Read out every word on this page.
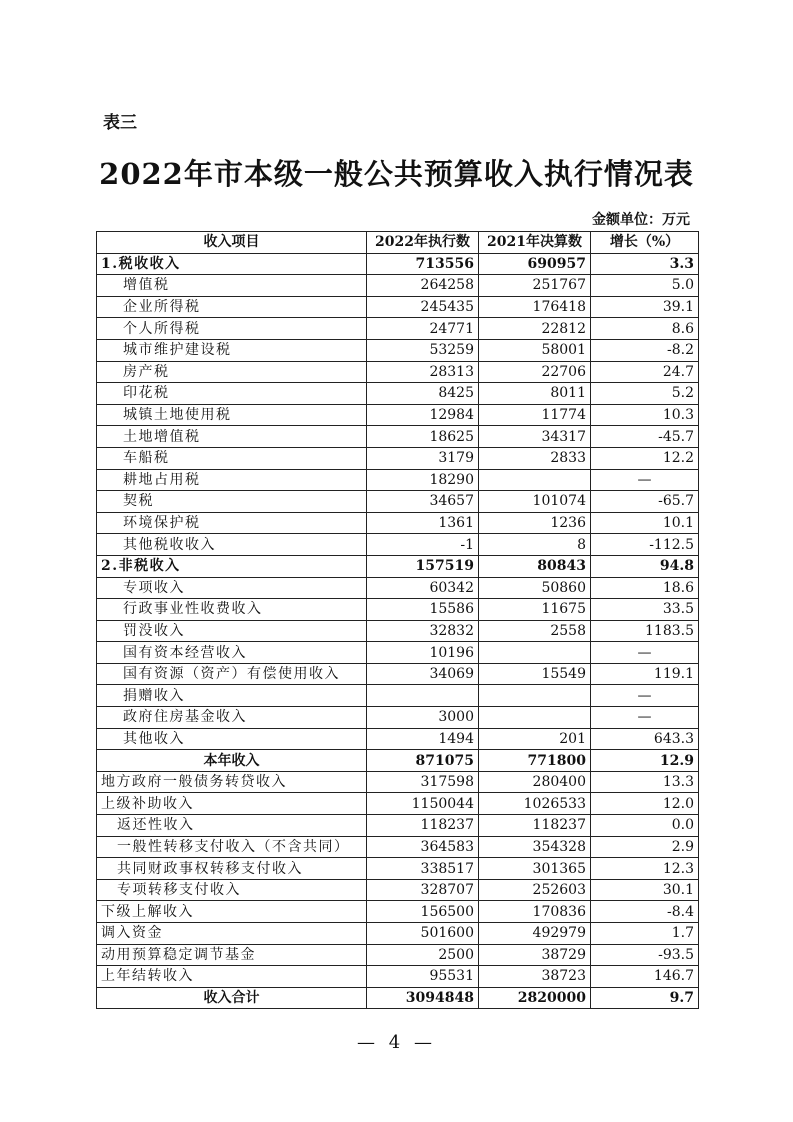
表三
2022年市本级一般公共预算收入执行情况表
金额单位：万元
收入项目	2022年执行数	2021年决算数	增长（%）
1.税收收入	713556	690957	3.3
增值税	264258	251767	5.0
企业所得税	245435	176418	39.1
个人所得税	24771	22812	8.6
城市维护建设税	53259	58001	-8.2
房产税	28313	22706	24.7
印花税	8425	8011	5.2
城镇土地使用税	12984	11774	10.3
土地增值税	18625	34317	-45.7
车船税	3179	2833	12.2
耕地占用税	18290		—
契税	34657	101074	-65.7
环境保护税	1361	1236	10.1
其他税收收入	-1	8	-112.5
2.非税收入	157519	80843	94.8
专项收入	60342	50860	18.6
行政事业性收费收入	15586	11675	33.5
罚没收入	32832	2558	1183.5
国有资本经营收入	10196		—
国有资源（资产）有偿使用收入	34069	15549	119.1
捐赠收入			—
政府住房基金收入	3000		—
其他收入	1494	201	643.3
本年收入	871075	771800	12.9
地方政府一般债务转贷收入	317598	280400	13.3
上级补助收入	1150044	1026533	12.0
返还性收入	118237	118237	0.0
一般性转移支付收入（不含共同）	364583	354328	2.9
共同财政事权转移支付收入	338517	301365	12.3
专项转移支付收入	328707	252603	30.1
下级上解收入	156500	170836	-8.4
调入资金	501600	492979	1.7
动用预算稳定调节基金	2500	38729	-93.5
上年结转收入	95531	38723	146.7
收入合计	3094848	2820000	9.7
— 4 —
